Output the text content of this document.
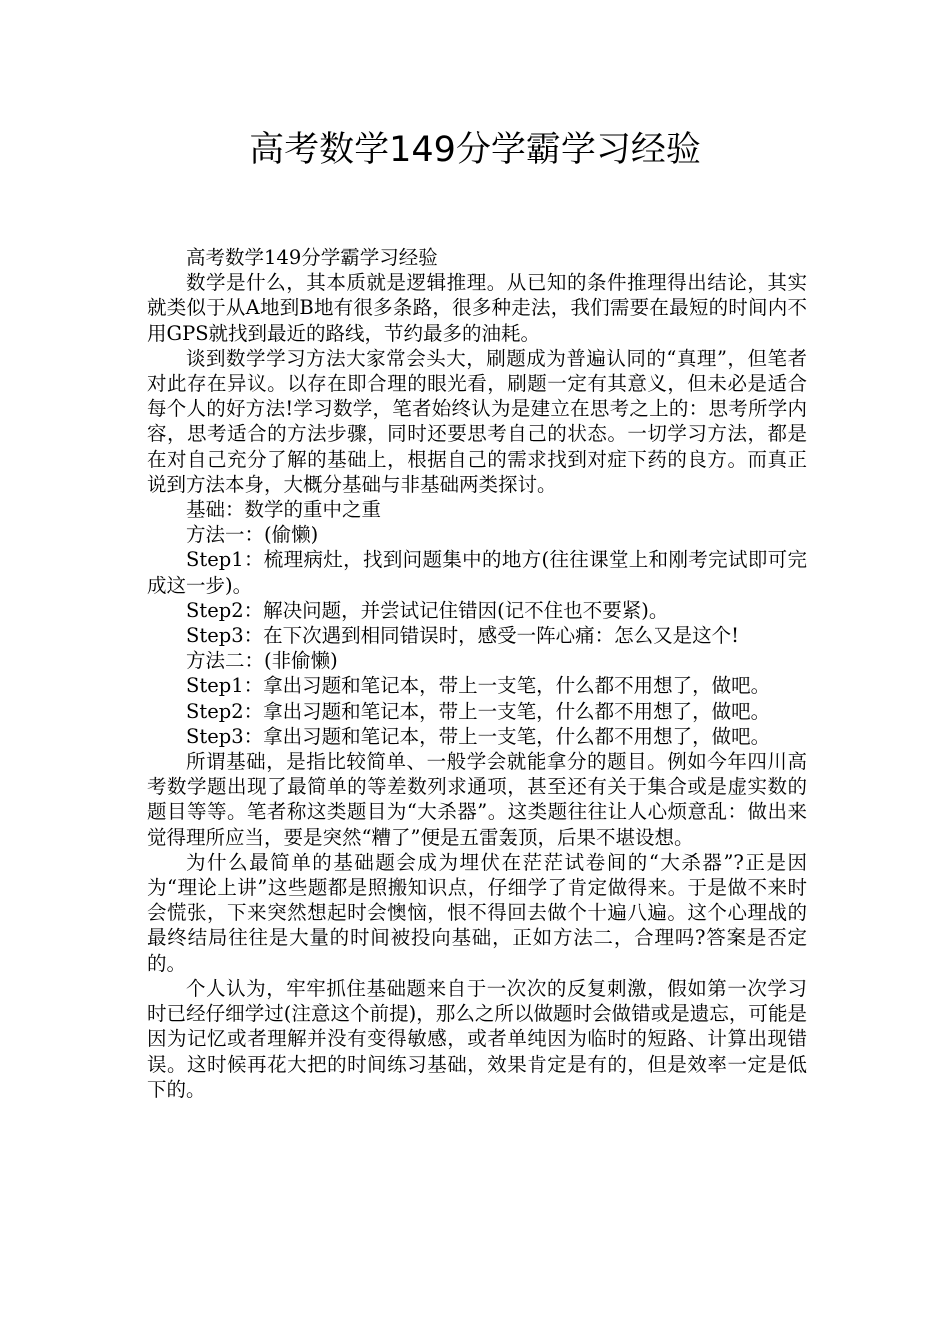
高考数学149分学霸学习经验

高考数学149分学霸学习经验

数学是什么，其本质就是逻辑推理。从已知的条件推理得出结论，其实就类似于从A地到B地有很多条路，很多种走法，我们需要在最短的时间内不用GPS就找到最近的路线，节约最多的油耗。

谈到数学学习方法大家常会头大，刷题成为普遍认同的“真理”，但笔者对此存在异议。以存在即合理的眼光看，刷题一定有其意义，但未必是适合每个人的好方法!学习数学，笔者始终认为是建立在思考之上的：思考所学内容，思考适合的方法步骤，同时还要思考自己的状态。一切学习方法，都是在对自己充分了解的基础上，根据自己的需求找到对症下药的良方。而真正说到方法本身，大概分基础与非基础两类探讨。

基础：数学的重中之重

方法一：(偷懒)

Step1：梳理病灶，找到问题集中的地方(往往课堂上和刚考完试即可完成这一步)。

Step2：解决问题，并尝试记住错因(记不住也不要紧)。

Step3：在下次遇到相同错误时，感受一阵心痛：怎么又是这个!

方法二：(非偷懒)

Step1：拿出习题和笔记本，带上一支笔，什么都不用想了，做吧。

Step2：拿出习题和笔记本，带上一支笔，什么都不用想了，做吧。

Step3：拿出习题和笔记本，带上一支笔，什么都不用想了，做吧。

所谓基础，是指比较简单、一般学会就能拿分的题目。例如今年四川高考数学题出现了最简单的等差数列求通项，甚至还有关于集合或是虚实数的题目等等。笔者称这类题目为“大杀器”。这类题往往让人心烦意乱：做出来觉得理所应当，要是突然“糟了”便是五雷轰顶，后果不堪设想。

为什么最简单的基础题会成为埋伏在茫茫试卷间的“大杀器”?正是因为“理论上讲”这些题都是照搬知识点，仔细学了肯定做得来。于是做不来时会慌张，下来突然想起时会懊恼，恨不得回去做个十遍八遍。这个心理战的最终结局往往是大量的时间被投向基础，正如方法二，合理吗?答案是否定的。

个人认为，牢牢抓住基础题来自于一次次的反复刺激，假如第一次学习时已经仔细学过(注意这个前提)，那么之所以做题时会做错或是遗忘，可能是因为记忆或者理解并没有变得敏感，或者单纯因为临时的短路、计算出现错误。这时候再花大把的时间练习基础，效果肯定是有的，但是效率一定是低下的。
